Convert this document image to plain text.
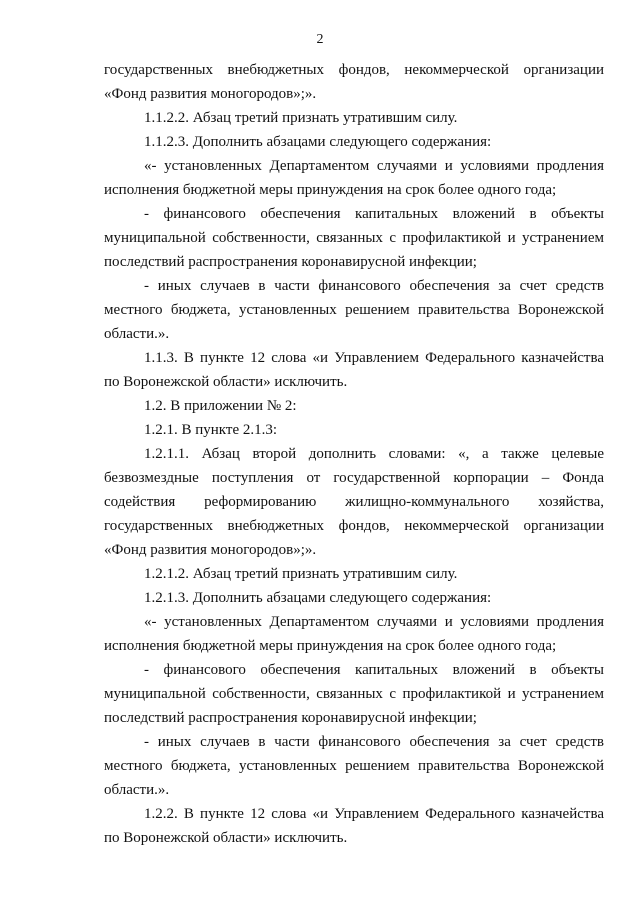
2

государственных внебюджетных фондов, некоммерческой организации «Фонд развития моногородов»;».

1.1.2.2. Абзац третий признать утратившим силу.

1.1.2.3. Дополнить абзацами следующего содержания:

«- установленных Департаментом случаями и условиями продления исполнения бюджетной меры принуждения на срок более одного года;

- финансового обеспечения капитальных вложений в объекты муниципальной собственности, связанных с профилактикой и устранением последствий распространения коронавирусной инфекции;

- иных случаев в части финансового обеспечения за счет средств местного бюджета, установленных решением правительства Воронежской области.».

1.1.3. В пункте 12 слова «и Управлением Федерального казначейства по Воронежской области» исключить.

1.2. В приложении № 2:

1.2.1. В пункте 2.1.3:

1.2.1.1. Абзац второй дополнить словами: «, а также целевые безвозмездные поступления от государственной корпорации – Фонда содействия реформированию жилищно-коммунального хозяйства, государственных внебюджетных фондов, некоммерческой организации «Фонд развития моногородов»;».

1.2.1.2. Абзац третий признать утратившим силу.

1.2.1.3. Дополнить абзацами следующего содержания:

«- установленных Департаментом случаями и условиями продления исполнения бюджетной меры принуждения на срок более одного года;

- финансового обеспечения капитальных вложений в объекты муниципальной собственности, связанных с профилактикой и устранением последствий распространения коронавирусной инфекции;

- иных случаев в части финансового обеспечения за счет средств местного бюджета, установленных решением правительства Воронежской области.».

1.2.2. В пункте 12 слова «и Управлением Федерального казначейства по Воронежской области» исключить.
